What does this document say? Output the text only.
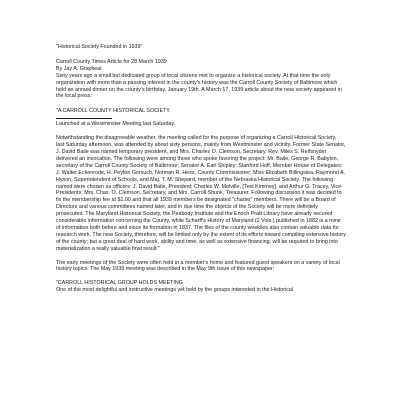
"Historical Society Founded in 1939"

Carroll County Times Article for 28 March 1939

By Jay A. Graybeal

Sixty years ago a small but dedicated group of local citizens met to organize a historical society. At that time the only organization with more than a passing interest in the county's history was the Carroll County Society of Baltimore which held an annual dinner on the county's birthday, January 19th. A March 17, 1939 article about the new society appeared in the local press:

"A CARROLL COUNTY HISTORICAL SOCIETY.

Launched at a Westminster Meeting last Saturday.

Notwithstanding the disagreeable weather, the meeting called for the purpose of organizing a Carroll Historical Society, last Saturday afternoon, was attended by about sixty persons, mainly from Westminster and vicinity. Former State Senator, J. David Baile was named temporary president, and Mrs. Charles O. Clemson, Secretary. Rev. Miles S. Reifsnyder delivered an invocation. The following were among those who spoke favoring the project: Mr. Baile, George R. Babylon, secretary of the Carroll County Society of Baltimore; Senator A. Earl Shipley; Stanford Hoff, Member House of Delegates; J. Walter Eckenrode, H. Peyton Gorsuch, Norman R. Hess, County Commissioner; Miss Elizabeth Billingslea, Raymond A. Hyson, Superintendent of Schools, and Maj. T. M. Shepard, member of the Nebraska Historical Society. The following named were chosen as officers: J. David Baile, President; Charles W. Melville, [Test Kimmey], and Arthur G. Tracey, Vice-Presidents; Mrs. Chas. O. Clemson, Secretary, and Mrs. Carroll Shunk, Treasurer. Following discussion it was decided to fix the membership fee at $1.00 and that all 1939 members be designated "charter" members. There will be a Board of Directors and various committees named later, and in due time the objects of the Society will be more definitely prosecuted. The Maryland Historical Society, the Peabody Institute and the Enoch Pratt Library have already secured considerable information concerning the County, while Scharff's History of Maryland (2 Vols.) published in 1882 is a mine of information both before and since its formation in 1837. The files of the county weeklies also contain valuable data for research work. The new Society, therefore, will be limited only by the extent of its efforts toward compiling extensive history of the county; but a great deal of hard work, ability and time, as well as extensive financing, will be required to bring into materialization a really valuable final result."

The early meetings of the Society were often held in a member's home and featured guest speakers on a variety of local history topics. The May 1939 meeting was described in the May 9th issue of this newspaper:

"CARROLL HISTORICAL GROUP HOLDS MEETING

One of the most delightful and instructive meetings yet held by the groups interested in the Historical
